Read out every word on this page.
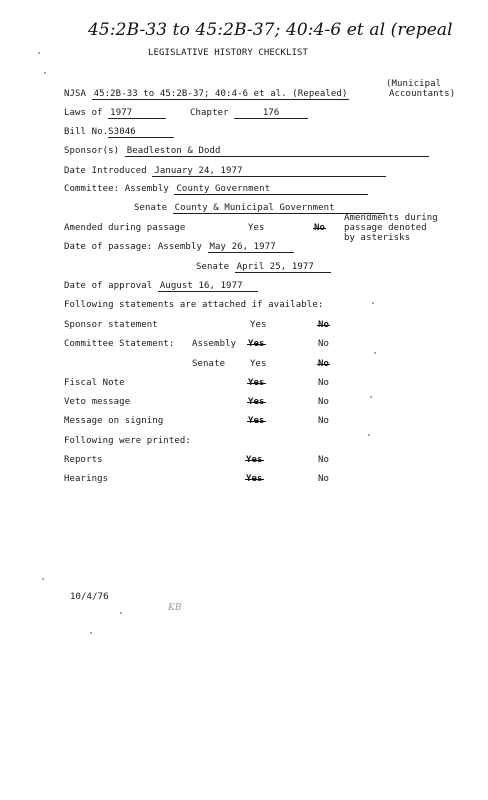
45:2B-33 to 45:2B-37; 40:4-6 et al (repeal
LEGISLATIVE HISTORY CHECKLIST
NJSA 45:2B-33 to 45:2B-37; 40:4-6 et al. (Repealed)
(Municipal
Accountants)
Laws of 1977	Chapter	176
Bill No.S3046
Sponsor(s) Beadleston & Dodd
Date Introduced January 24, 1977
Committee: Assembly County Government
Senate County & Municipal Government
Amended during passage	Yes	No
Amendments during
passage denoted
by asterisks
Date of passage: Assembly May 26, 1977
Senate April 25, 1977
Date of approval August 16, 1977
Following statements are attached if available:
Sponsor statement	Yes	No
Committee Statement: Assembly Yes	No
Senate	Yes	No
Fiscal Note	Yes	No
Veto message	Yes	No
Message on signing	Yes	No
Following were printed:
Reports	Yes	No
Hearings	Yes	No
10/4/76
KB
